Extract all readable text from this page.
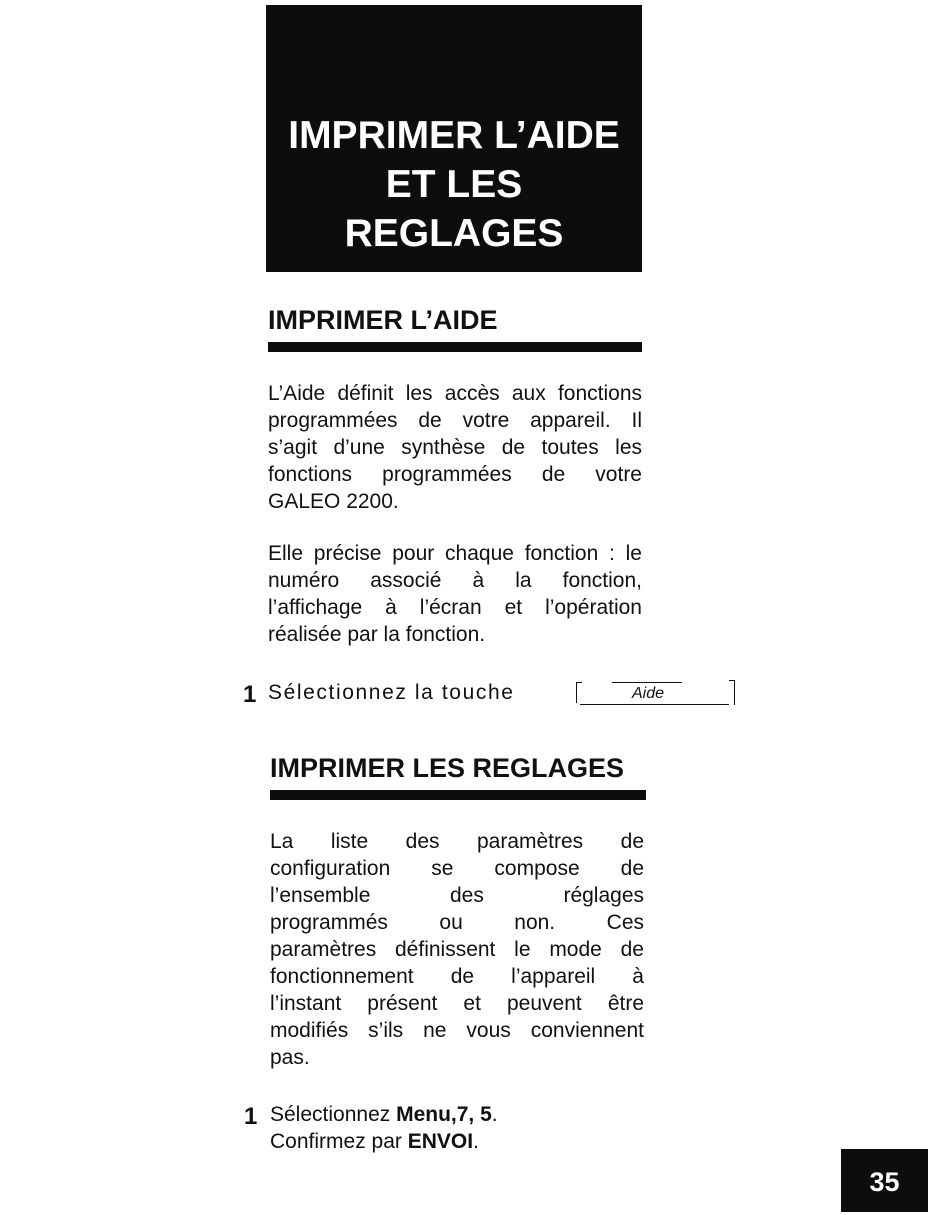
IMPRIMER L’AIDE
ET LES
REGLAGES
IMPRIMER L’AIDE
L’Aide définit les accès aux fonctions
programmées de votre appareil. Il
s’agit d’une synthèse de toutes les
fonctions programmées de votre
GALEO 2200.
Elle précise pour chaque fonction : le
numéro associé à la fonction,
l’affichage à l’écran et l’opération
réalisée par la fonction.
1 Sélectionnez la touche	Aide
IMPRIMER LES REGLAGES
La liste des paramètres de
configuration se compose de
l’ensemble des réglages
programmés ou non. Ces
paramètres définissent le mode de
fonctionnement de l’appareil à
l’instant présent et peuvent être
modifiés s’ils ne vous conviennent
pas.
1 Sélectionnez Menu,7, 5.
Confirmez par ENVOI.
35
